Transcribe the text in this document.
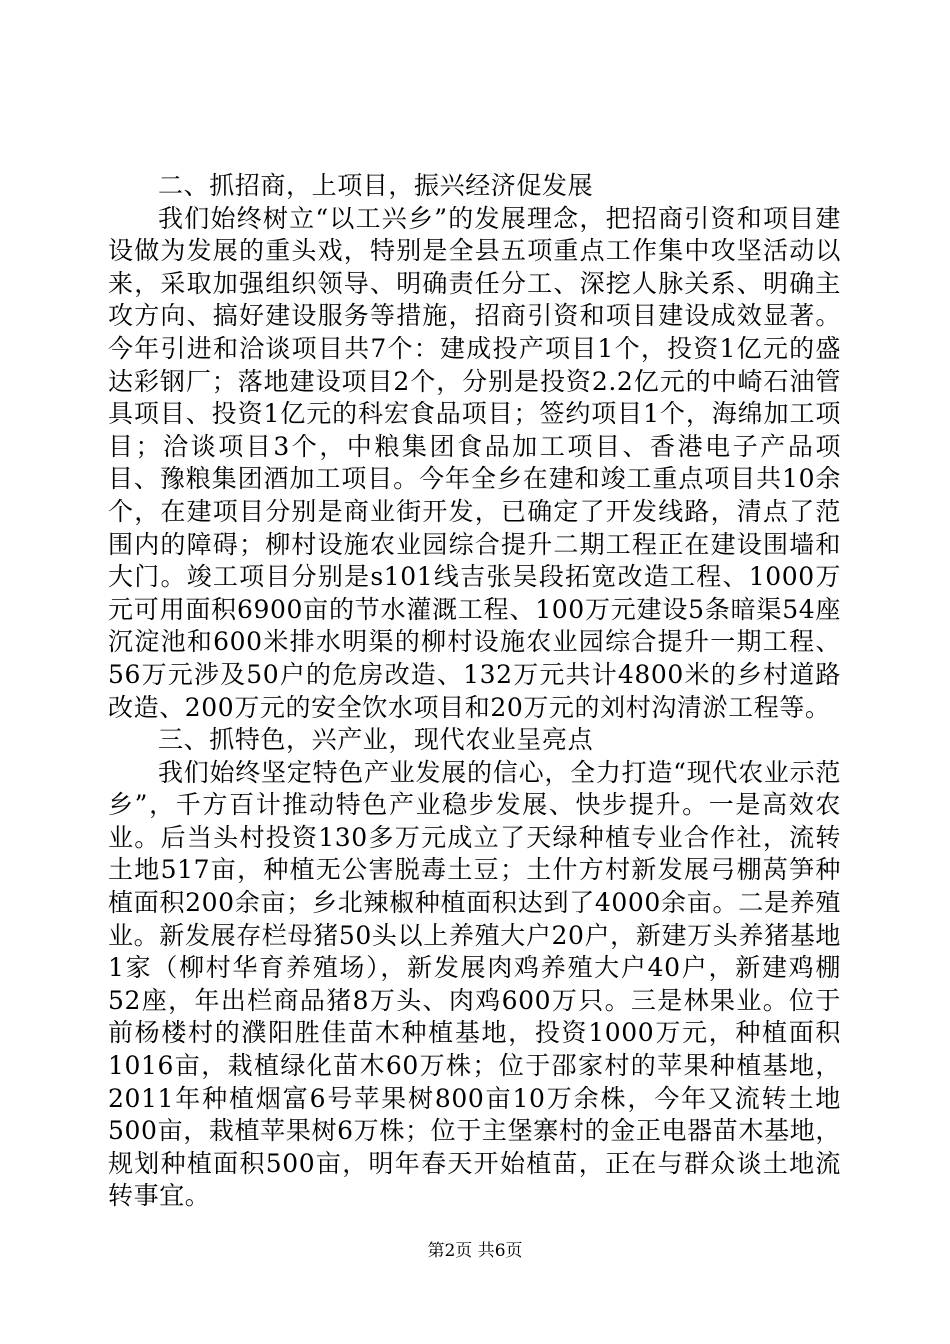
二、抓招商，上项目，振兴经济促发展

我们始终树立“以工兴乡”的发展理念，把招商引资和项目建设做为发展的重头戏，特别是全县五项重点工作集中攻坚活动以来，采取加强组织领导、明确责任分工、深挖人脉关系、明确主攻方向、搞好建设服务等措施，招商引资和项目建设成效显著。今年引进和洽谈项目共7个：建成投产项目1个，投资1亿元的盛达彩钢厂；落地建设项目2个，分别是投资2.2亿元的中崎石油管具项目、投资1亿元的科宏食品项目；签约项目1个，海绵加工项目；洽谈项目3个，中粮集团食品加工项目、香港电子产品项目、豫粮集团酒加工项目。今年全乡在建和竣工重点项目共10余个，在建项目分别是商业街开发，已确定了开发线路，清点了范围内的障碍；柳村设施农业园综合提升二期工程正在建设围墙和大门。竣工项目分别是s101线吉张吴段拓宽改造工程、1000万元可用面积6900亩的节水灌溉工程、100万元建设5条暗渠54座沉淀池和600米排水明渠的柳村设施农业园综合提升一期工程、56万元涉及50户的危房改造、132万元共计4800米的乡村道路改造、200万元的安全饮水项目和20万元的刘村沟清淤工程等。

三、抓特色，兴产业，现代农业呈亮点

我们始终坚定特色产业发展的信心，全力打造“现代农业示范乡”，千方百计推动特色产业稳步发展、快步提升。一是高效农业。后当头村投资130多万元成立了天绿种植专业合作社，流转土地517亩，种植无公害脱毒土豆；土什方村新发展弓棚莴笋种植面积200余亩；乡北辣椒种植面积达到了4000余亩。二是养殖业。新发展存栏母猪50头以上养殖大户20户，新建万头养猪基地1家（柳村华育养殖场），新发展肉鸡养殖大户40户，新建鸡棚52座，年出栏商品猪8万头、肉鸡600万只。三是林果业。位于前杨楼村的濮阳胜佳苗木种植基地，投资1000万元，种植面积1016亩，栽植绿化苗木60万株；位于邵家村的苹果种植基地，2011年种植烟富6号苹果树800亩10万余株，今年又流转土地500亩，栽植苹果树6万株；位于主堡寨村的金正电器苗木基地，规划种植面积500亩，明年春天开始植苗，正在与群众谈土地流转事宜。

第2页 共6页
